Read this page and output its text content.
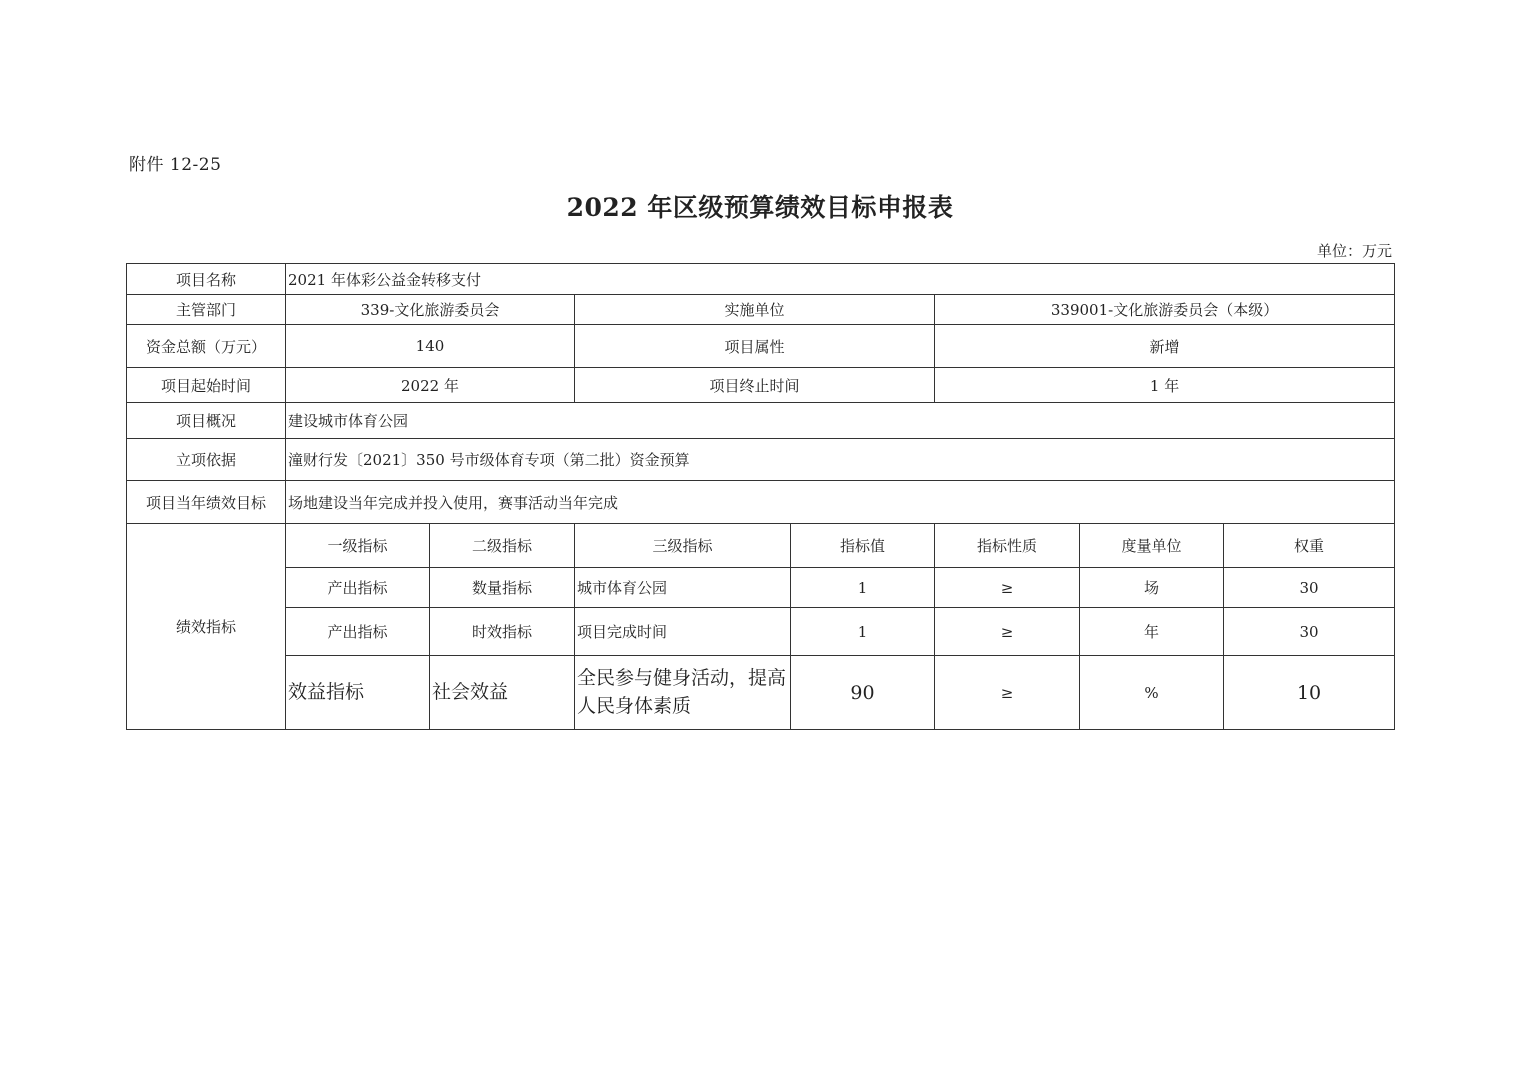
附件 12-25
2022 年区级预算绩效目标申报表
单位：万元
项目名称	2021 年体彩公益金转移支付						
主管部门	339-文化旅游委员会		实施单位		339001-文化旅游委员会（本级）		
资金总额（万元）	140		项目属性		新增		
项目起始时间	2022 年		项目终止时间		1 年		
项目概况	建设城市体育公园						
立项依据	潼财行发〔2021〕350 号市级体育专项（第二批）资金预算						
项目当年绩效目标	场地建设当年完成并投入使用，赛事活动当年完成						
绩效指标	一级指标	二级指标	三级指标	指标值	指标性质	度量单位	权重
	产出指标	数量指标	城市体育公园	1	≥	场	30
	产出指标	时效指标	项目完成时间	1	≥	年	30
	效益指标	社会效益	全民参与健身活动，提高人民身体素质	90	≥	%	10
